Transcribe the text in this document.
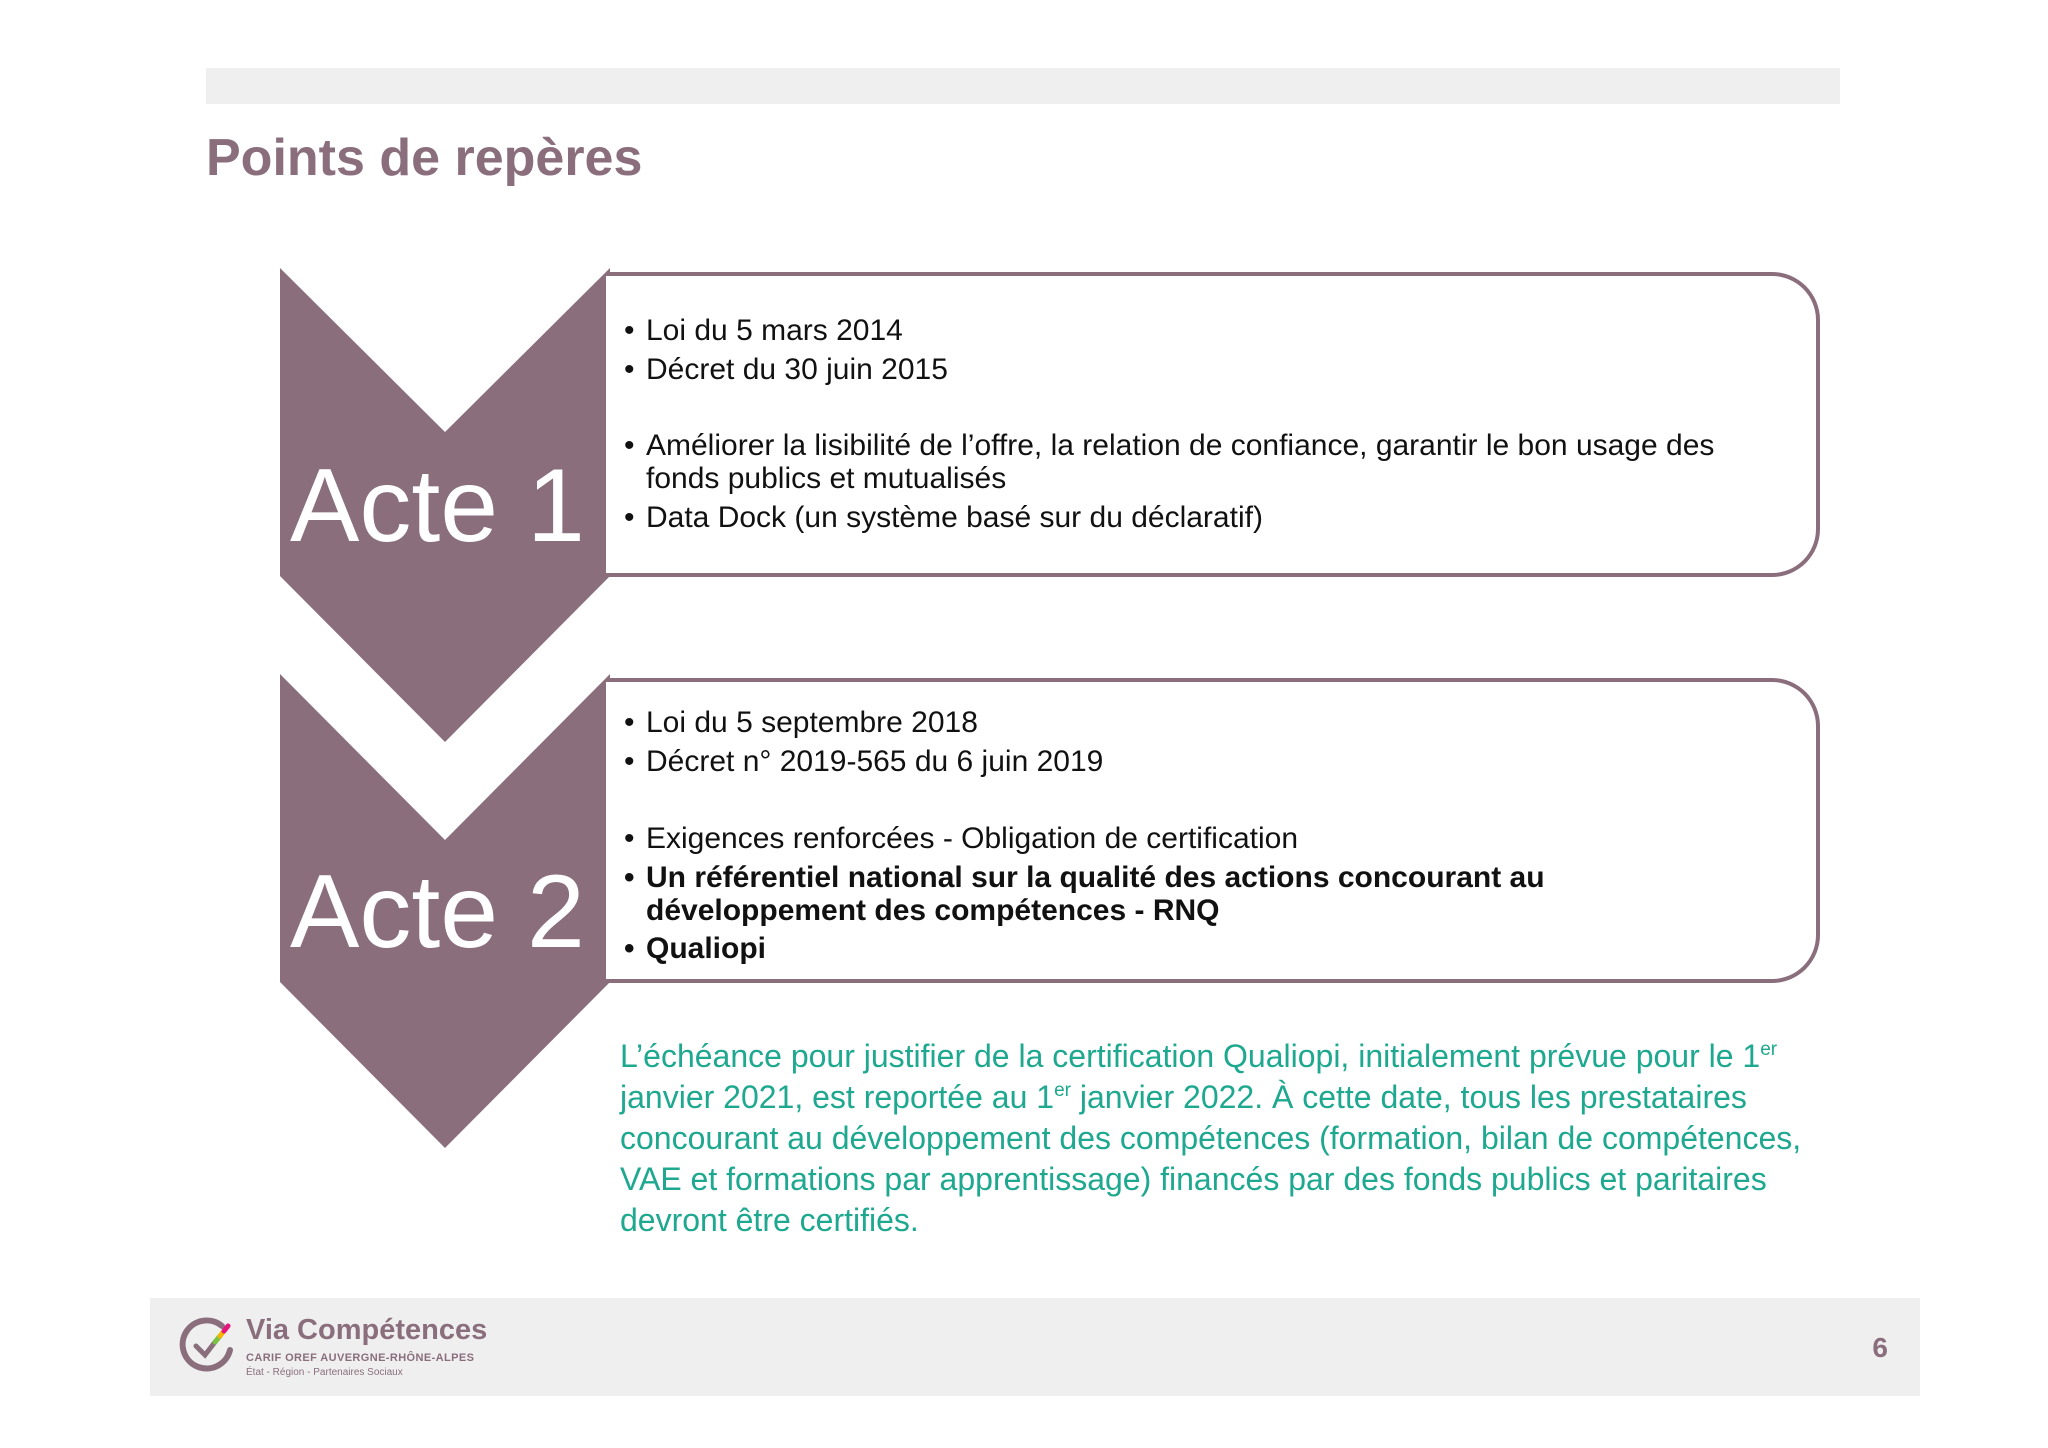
Points de repères
Acte 1
Acte 2
• Loi du 5 mars 2014
• Décret du 30 juin 2015
• Améliorer la lisibilité de l’offre, la relation de confiance, garantir le bon usage des fonds publics et mutualisés
• Data Dock (un système basé sur du déclaratif)
• Loi du 5 septembre 2018
• Décret n° 2019-565 du 6 juin 2019
• Exigences renforcées - Obligation de certification
• Un référentiel national sur la qualité des actions concourant au développement des compétences - RNQ
• Qualiopi

L’échéance pour justifier de la certification Qualiopi, initialement prévue pour le 1er janvier 2021, est reportée au 1er janvier 2022. À cette date, tous les prestataires concourant au développement des compétences (formation, bilan de compétences, VAE et formations par apprentissage) financés par des fonds publics et paritaires devront être certifiés.

Via Compétences
CARIF OREF AUVERGNE-RHÔNE-ALPES
État - Région - Partenaires Sociaux
6
